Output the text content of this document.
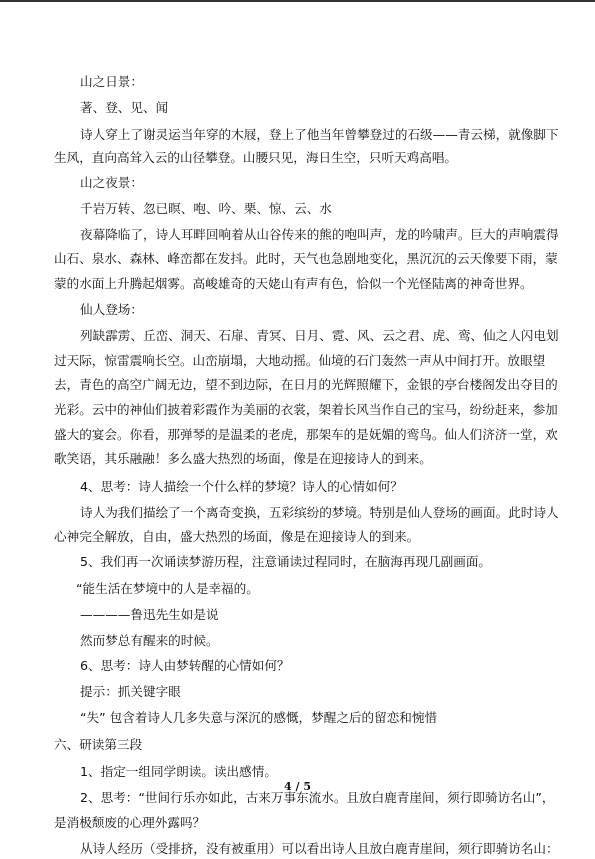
山之日景：
著、登、见、闻
诗人穿上了谢灵运当年穿的木屐，登上了他当年曾攀登过的石级——青云梯，就像脚下
生风，直向高耸入云的山径攀登。山腰只见，海日生空，只听天鸡高唱。
山之夜景：
千岩万转、忽已暝、咆、吟、栗、惊、云、水
夜幕降临了，诗人耳畔回响着从山谷传来的熊的咆叫声，龙的吟啸声。巨大的声响震得
山石、泉水、森林、峰峦都在发抖。此时，天气也急剧地变化，黑沉沉的云天像要下雨，蒙
蒙的水面上升腾起烟雾。高峻雄奇的天姥山有声有色，恰似一个光怪陆离的神奇世界。
仙人登场：
列缺霹雳、丘峦、洞天、石扉、青冥、日月、霓、风、云之君、虎、鸾、仙之人闪电划
过天际，惊雷震响长空。山峦崩塌，大地动摇。仙境的石门轰然一声从中间打开。放眼望
去，青色的高空广阔无边，望不到边际，在日月的光辉照耀下，金银的亭台楼阁发出夺目的
光彩。云中的神仙们披着彩霞作为美丽的衣裳，架着长风当作自己的宝马，纷纷赶来，参加
盛大的宴会。你看，那弹琴的是温柔的老虎，那架车的是妩媚的鸾鸟。仙人们济济一堂，欢
歌笑语，其乐融融！多么盛大热烈的场面，像是在迎接诗人的到来。
4、思考：诗人描绘一个什么样的梦境？诗人的心情如何？
诗人为我们描绘了一个离奇变换，五彩缤纷的梦境。特别是仙人登场的画面。此时诗人
心神完全解放，自由，盛大热烈的场面，像是在迎接诗人的到来。
5、我们再一次诵读梦游历程，注意诵读过程同时，在脑海再现几副画面。
“能生活在梦境中的人是幸福的。
————鲁迅先生如是说
然而梦总有醒来的时候。
6、思考：诗人由梦转醒的心情如何？
提示：抓关键字眼
“失” 包含着诗人几多失意与深沉的感慨，梦醒之后的留恋和惋惜
六、研读第三段
1、指定一组同学朗读。读出感情。
2、思考：“世间行乐亦如此，古来万事东流水。且放白鹿青崖间，须行即骑访名山”，
是消极颓废的心理外露吗？
从诗人经历（受排挤，没有被重用）可以看出诗人且放白鹿青崖间，须行即骑访名山：
4 / 5
